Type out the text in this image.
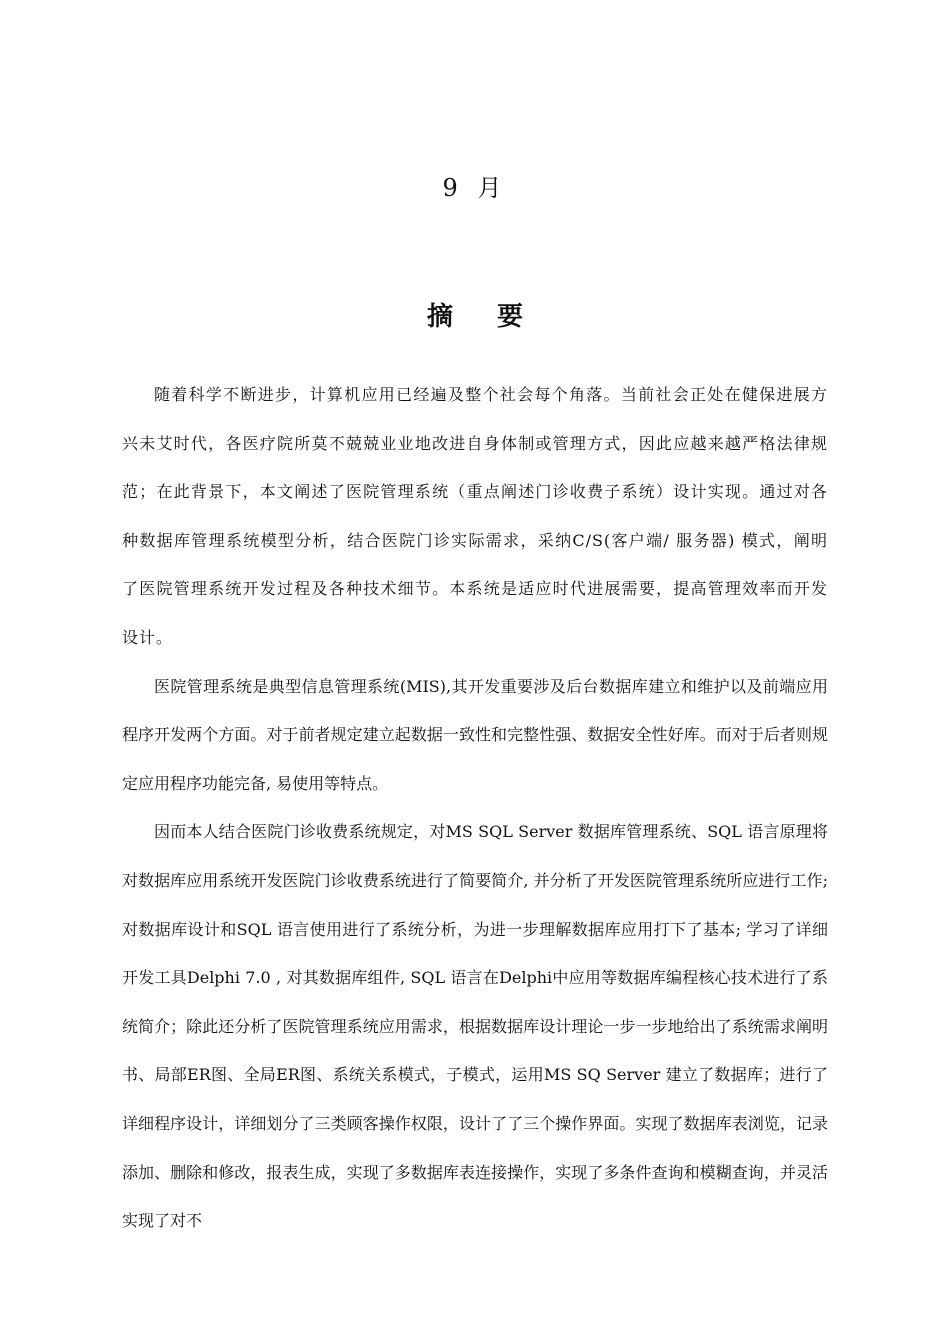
9 月
摘要

随着科学不断进步，计算机应用已经遍及整个社会每个角落。当前社会正处在健保进展方兴未艾时代，各医疗院所莫不兢兢业业地改进自身体制或管理方式，因此应越来越严格法律规范；在此背景下，本文阐述了医院管理系统（重点阐述门诊收费子系统）设计实现。通过对各种数据库管理系统模型分析，结合医院门诊实际需求，采纳C/S(客户端/ 服务器) 模式，阐明了医院管理系统开发过程及各种技术细节。本系统是适应时代进展需要，提高管理效率而开发设计。

医院管理系统是典型信息管理系统(MIS),其开发重要涉及后台数据库建立和维护以及前端应用程序开发两个方面。对于前者规定建立起数据一致性和完整性强、数据安全性好库。而对于后者则规定应用程序功能完备, 易使用等特点。

因而本人结合医院门诊收费系统规定，对MS SQL Server 数据库管理系统、SQL 语言原理将对数据库应用系统开发医院门诊收费系统进行了简要简介, 并分析了开发医院管理系统所应进行工作; 对数据库设计和SQL 语言使用进行了系统分析，为进一步理解数据库应用打下了基本; 学习了详细开发工具Delphi 7.0 , 对其数据库组件, SQL 语言在Delphi中应用等数据库编程核心技术进行了系统简介；除此还分析了医院管理系统应用需求，根据数据库设计理论一步一步地给出了系统需求阐明书、局部ER图、全局ER图、系统关系模式，子模式，运用MS SQ Server 建立了数据库；进行了详细程序设计，详细划分了三类顾客操作权限，设计了了三个操作界面。实现了数据库表浏览，记录添加、删除和修改，报表生成，实现了多数据库表连接操作，实现了多条件查询和模糊查询，并灵活实现了对不
